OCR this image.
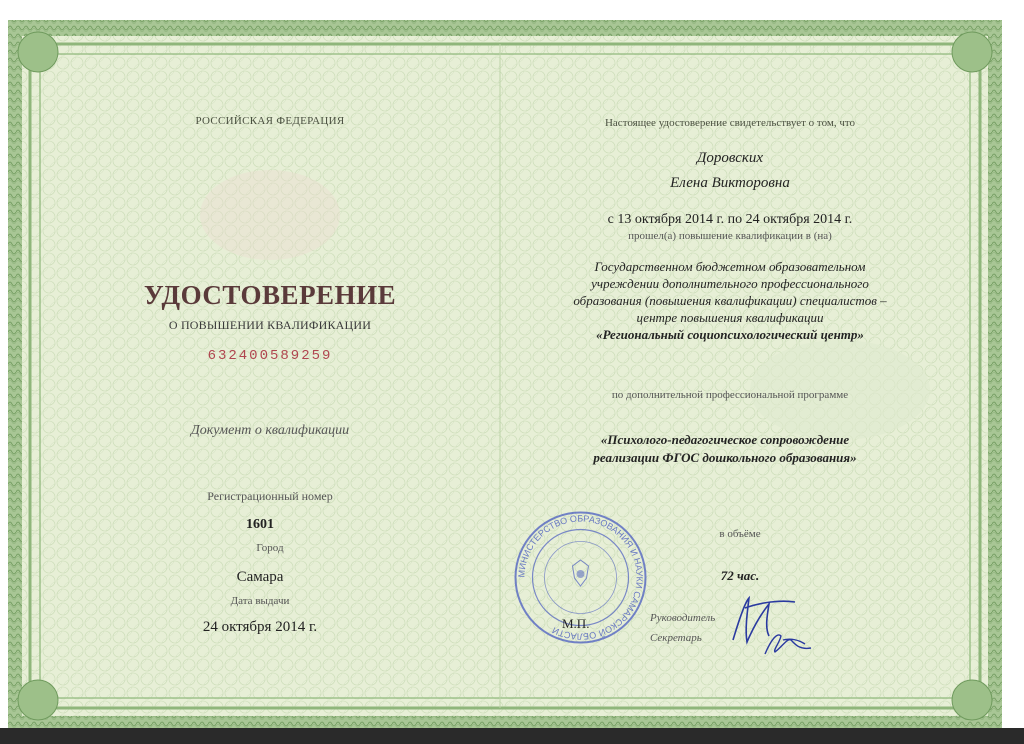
РОССИЙСКАЯ ФЕДЕРАЦИЯ
УДОСТОВЕРЕНИЕ
О ПОВЫШЕНИИ КВАЛИФИКАЦИИ
632400589259
Документ о квалификации
Регистрационный номер
1601
Город
Самара
Дата выдачи
24 октября 2014 г.
Настоящее удостоверение свидетельствует о том, что
Доровских
Елена Викторовна
с 13 октября 2014 г. по 24 октября 2014 г.
прошел(а) повышение квалификации в (на)
Государственном бюджетном образовательном
учреждении дополнительного профессионального
образования (повышения квалификации) специалистов –
центре повышения квалификации
«Региональный социопсихологический центр»
по дополнительной профессиональной программе
«Психолого-педагогическое сопровождение
реализации ФГОС дошкольного образования»
в объёме
72 час.
МИНИСТЕРСТВО ОБРАЗОВАНИЯ И НАУКИ САМАРСКОЙ ОБЛАСТИ М.П.	Руководитель
Секретарь
